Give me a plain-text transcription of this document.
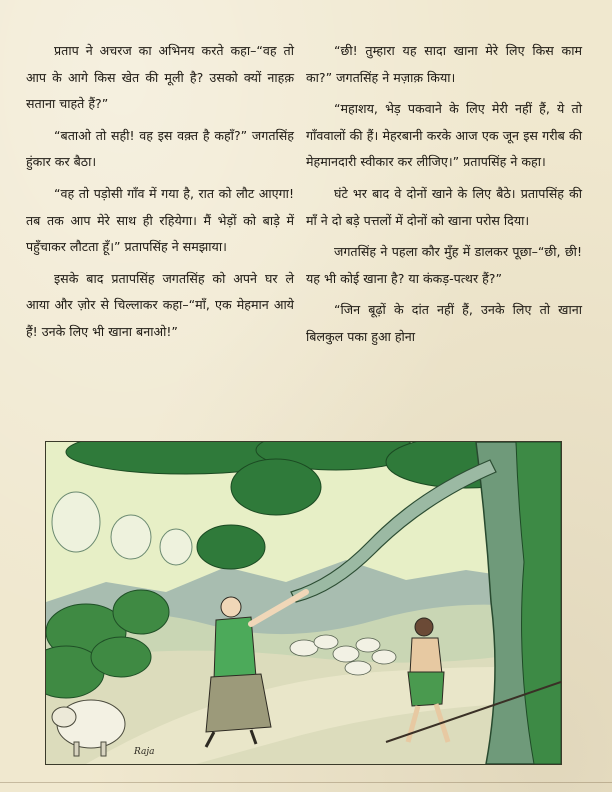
प्रताप ने अचरज का अभिनय करते कहा–“वह तो आप के आगे किस खेत की मूली है? उसको क्यों नाहक़ सताना चाहते हैं?”

“बताओ तो सही! वह इस वक़्त है कहाँ?” जगतसिंह हुंकार कर बैठा।

“वह तो पड़ोसी गाँव में गया है, रात को लौट आएगा! तब तक आप मेरे साथ ही रहियेगा। मैं भेड़ों को बाड़े में पहुँचाकर लौटता हूँ।” प्रतापसिंह ने समझाया।

इसके बाद प्रतापसिंह जगतसिंह को अपने घर ले आया और ज़ोर से चिल्लाकर कहा–“माँ, एक मेहमान आये हैं! उनके लिए भी खाना बनाओ!”

“छी! तुम्हारा यह सादा खाना मेरे लिए किस काम का?” जगतसिंह ने मज़ाक़ किया।

“महाशय, भेड़ पकवाने के लिए मेरी नहीं हैं, ये तो गाँववालों की हैं। मेहरबानी करके आज एक जून इस गरीब की मेहमानदारी स्वीकार कर लीजिए।” प्रतापसिंह ने कहा।

घंटे भर बाद वे दोनों खाने के लिए बैठे। प्रतापसिंह की माँ ने दो बड़े पत्तलों में दोनों को खाना परोस दिया।

जगतसिंह ने पहला कौर मुँह में डालकर पूछा–“छी, छी! यह भी कोई खाना है? या कंकड़-पत्थर हैं?”

“जिन बूढ़ों के दांत नहीं हैं, उनके लिए तो खाना बिलकुल पका हुआ होना

Raja
